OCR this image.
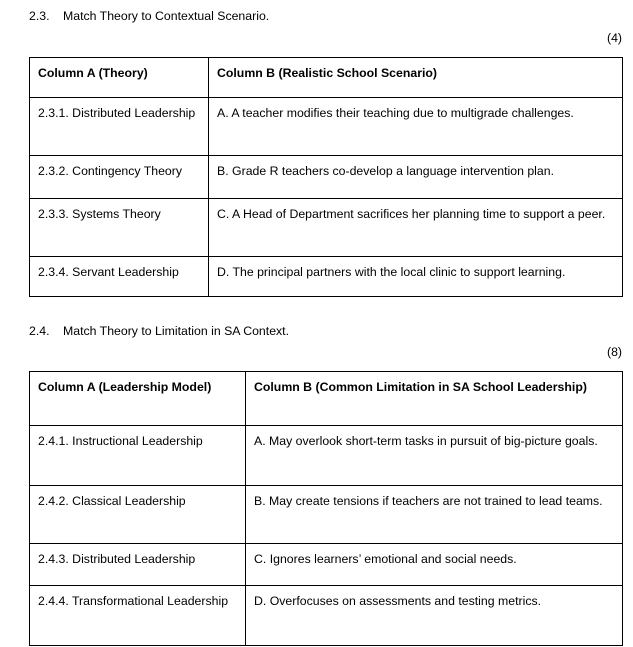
2.3. Match Theory to Contextual Scenario.
(4)
Column A (Theory)	Column B (Realistic School Scenario)
2.3.1. Distributed Leadership	A. A teacher modifies their teaching due to multigrade challenges.
2.3.2. Contingency Theory	B. Grade R teachers co-develop a language intervention plan.
2.3.3. Systems Theory	C. A Head of Department sacrifices her planning time to support a peer.
2.3.4. Servant Leadership	D. The principal partners with the local clinic to support learning.
2.4. Match Theory to Limitation in SA Context.
(8)
Column A (Leadership Model)	Column B (Common Limitation in SA School Leadership)
2.4.1. Instructional Leadership	A. May overlook short-term tasks in pursuit of big-picture goals.
2.4.2. Classical Leadership	B. May create tensions if teachers are not trained to lead teams.
2.4.3. Distributed Leadership	C. Ignores learners’ emotional and social needs.
2.4.4. Transformational Leadership	D. Overfocuses on assessments and testing metrics.
